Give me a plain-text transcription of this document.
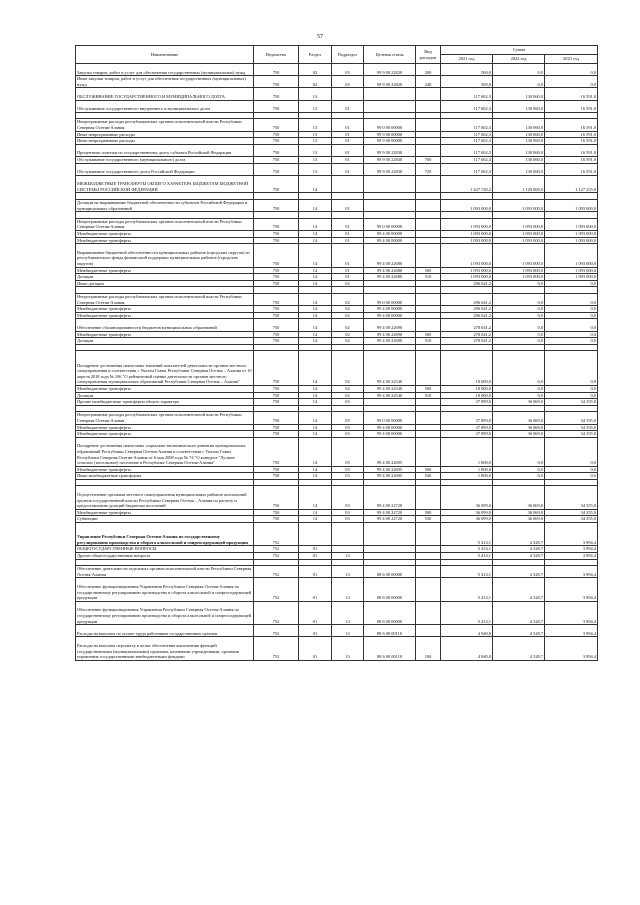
57
Наименование	Ведомство	Раздел	Подраздел	Целевая статья	Вид расходов	Сумма		
						2021 год	2022 год	2023 год
Закупка товаров, работ и услуг для обеспечения государственных (муниципальных) нужд	750	02	03	99 9 00 22820	200	500,0	0,0	0,0
Иные закупки товаров, работ и услуг для обеспечения государственных (муниципальных) нужд	750	02	03	99 9 00 22820	240	500,0	0,0	0,0
ОБСЛУЖИВАНИЕ ГОСУДАРСТВЕННОГО И МУНИЦИПАЛЬНОГО ДОЛГА	750	13				117 602,3	130 060,0	16 591,0
Обслуживание государственного внутреннего и муниципального долга	750	13	01			117 602,3	130 060,0	16 591,0

Непрограммные расходы республиканских органов исполнительной власти Республики Северная Осетия-Алания	750	13	01	99 0 00 00000		117 602,3	130 060,0	16 591,0
Иные непрограммные расходы	750	13	01	99 9 00 00000		117 602,3	130 060,0	16 591,0
Иные непрограммные расходы	750	13	01	99 9 00 00000		117 602,3	130 060,0	16 591,0
Процентные платежи по государственному долгу субъекта Российской Федерации	750	13	01	99 9 00 22830		117 602,3	130 060,0	16 591,0
Обслуживание государственного (муниципального) долга	750	13	01	99 9 00 22830	700	117 602,3	130 060,0	16 591,0
Обслуживание государственного долга Российской Федерации	750	13	01	99 9 00 22830	720	117 602,3	130 060,0	16 591,0
МЕЖБЮДЖЕТНЫЕ ТРАНСФЕРТЫ ОБЩЕГО ХАРАКТЕРА БЮДЖЕТАМ БЮДЖЕТНОЙ СИСТЕМЫ РОССИЙСКОЙ ФЕДЕРАЦИИ	750	14				1 427 740,2	1 129 069,0	1 127 255,0

Дотации на выравнивание бюджетной обеспеченности субъектов Российской Федерации и муниципальных образований	750	14	01			1 093 000,0	1 093 000,0	1 093 000,0

Непрограммные расходы республиканских органов исполнительной власти Республики Северная Осетия-Алания	750	14	01	99 0 00 00000		1 093 000,0	1 093 000,0	1 093 000,0
Межбюджетные трансферты	750	14	01	99 4 00 00000		1 093 000,0	1 093 000,0	1 093 000,0
Межбюджетные трансферты	750	14	01	99 4 00 00000		1 093 000,0	1 093 000,0	1 093 000,0
Выравнивание бюджетной обеспеченности муниципальных районов (городских округов) из республиканского фонда финансовой поддержки муниципальных районов (городских округов)	750	14	01	99 4 00 22680		1 093 000,0	1 093 000,0	1 093 000,0
Межбюджетные трансферты	750	14	01	99 4 00 22680	500	1 093 000,0	1 093 000,0	1 093 000,0
Дотации	750	14	01	99 4 00 22680	510	1 093 000,0	1 093 000,0	1 093 000,0
Иные дотации	750	14	02			296 641,2	0,0	0,0

Непрограммные расходы республиканских органов исполнительной власти Республики Северная Осетия-Алания	750	14	02	99 0 00 00000		296 641,2	0,0	0,0
Межбюджетные трансферты	750	14	02	99 4 00 00000		296 641,2	0,0	0,0
Межбюджетные трансферты	750	14	02	99 4 00 00000		296 641,2	0,0	0,0
Обеспечение сбалансированности бюджетов муниципальных образований	750	14	02	99 4 00 22690		278 641,2	0,0	0,0
Межбюджетные трансферты	750	14	02	99 4 00 22690	500	278 641,2	0,0	0,0
Дотации	750	14	02	99 4 00 22690	510	278 641,2	0,0	0,0

Поощрение достижения наилучших значений показателей деятельности органов местного самоуправления в соответствии с Указом Главы Республики Северная Осетия – Алания от 10 апреля 2018 года № 106 "О рейтинговой оценке деятельности органов местного самоуправления муниципальных образований Республики Северная Осетия – Алания"	750	14	02	99 4 00 22540		18 000,0	0,0	0,0
Межбюджетные трансферты	750	14	02	99 4 00 22540	500	18 000,0	0,0	0,0
Дотации	750	14	02	99 4 00 22540	510	18 000,0	0,0	0,0
Прочие межбюджетные трансферты общего характера	750	14	03			37 899,0	36 069,0	34 355,0

Непрограммные расходы республиканских органов исполнительной власти Республики Северная Осетия-Алания	750	14	03	99 0 00 00000		37 899,0	36 069,0	34 355,0
Межбюджетные трансферты	750	14	03	99 4 00 00000		37 899,0	36 069,0	34 355,0
Межбюджетные трансферты	750	14	03	99 4 00 00000		37 899,0	36 069,0	34 355,0
Поощрение достижения наилучших социально-экономического развития муниципальных образований Республики Северная Осетия-Алания в соответствии с Указом Главы Республики Северная Осетия-Алания от 6 мая 2008 года № 74 "О конкурсе "Лучшее сельское (поселковое) поселение в Республике Северная Осетия-Алания"	750	14	03	99 4 00 22695		1 800,0	0,0	0,0
Межбюджетные трансферты	750	14	03	99 4 00 22695	500	1 800,0	0,0	0,0
Иные межбюджетные трансферты	750	14	03	99 4 00 22695	540	1 800,0	0,0	0,0

Осуществление органами местного самоуправления муниципальных районов полномочий органов государственной власти Республики Северная Осетия – Алания по расчету и предоставлению дотаций бюджетам поселений	750	14	03	99 4 00 22720		36 099,0	36 069,0	34 355,0
Межбюджетные трансферты	750	14	03	99 4 00 22720	500	36 099,0	36 069,0	34 355,0
Субвенции	750	14	03	99 4 00 22720	530	36 099,0	36 069,0	34 355,0
Управление Республики Северная Осетия-Алания по государственному регулированию производства и оборота алкогольной и спиртосодержащей продукции	752					5 414,1	4 328,7	3 994,4
ОБЩЕГОСУДАРСТВЕННЫЕ ВОПРОСЫ	752	01				5 414,1	4 328,7	3 994,4
Другие общегосударственные вопросы	752	01	13			5 414,1	4 328,7	3 994,4

Обеспечение деятельности отдельных органов исполнительной власти Республики Северная Осетия-Алания	752	01	13	88 6 00 00000		5 414,1	4 328,7	3 994,4
Обеспечение функционирования Управления Республики Северная Осетия-Алания по государственному регулированию производства и оборота алкогольной и спиртосодержащей продукции	752	01	13	88 6 00 00000		5 414,1	4 328,7	3 994,4
Обеспечение функционирования Управления Республики Северная Осетия-Алания по государственному регулированию производства и оборота алкогольной и спиртосодержащей продукции	752	01	13	88 6 00 00000		5 414,1	4 328,7	3 994,4
Расходы на выплаты по оплате труда работников государственных органов	752	01	13	88 6 00 00110		4 940,8	4 328,7	3 994,4
Расходы на выплаты персоналу в целях обеспечения выполнения функций государственными (муниципальными) органами, казенными учреждениями, органами управления государственными внебюджетными фондами	752	01	13	88 6 00 00110	100	4 940,8	4 328,7	3 994,4
